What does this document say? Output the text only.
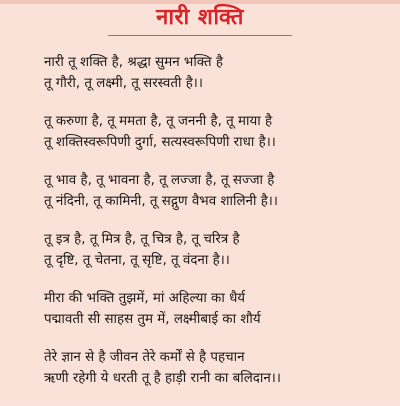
नारी शक्ति
नारी तू शक्ति है, श्रद्धा सुमन भक्ति है
तू गौरी, तू लक्ष्मी, तू सरस्वती है।।
तू करुणा है, तू ममता है, तू जननी है, तू माया है
तू शक्तिस्वरूपिणी दुर्गा, सत्यस्वरूपिणी राधा है।।
तू भाव है, तू भावना है, तू लज्जा है, तू सज्जा है
तू नंदिनी, तू कामिनी, तू सद्गुण वैभव शालिनी है।।
तू इत्र है, तू मित्र है, तू चित्र है, तू चरित्र है
तू दृष्टि, तू चेतना, तू सृष्टि, तू वंदना है।।
मीरा की भक्ति तुझमें, मां अहिल्या का धैर्य
पद्मावती सी साहस तुम में, लक्ष्मीबाई का शौर्य
तेरे ज्ञान से है जीवन तेरे कर्मों से है पहचान
ऋणी रहेगी ये धरती तू है हाड़ी रानी का बलिदान।।
